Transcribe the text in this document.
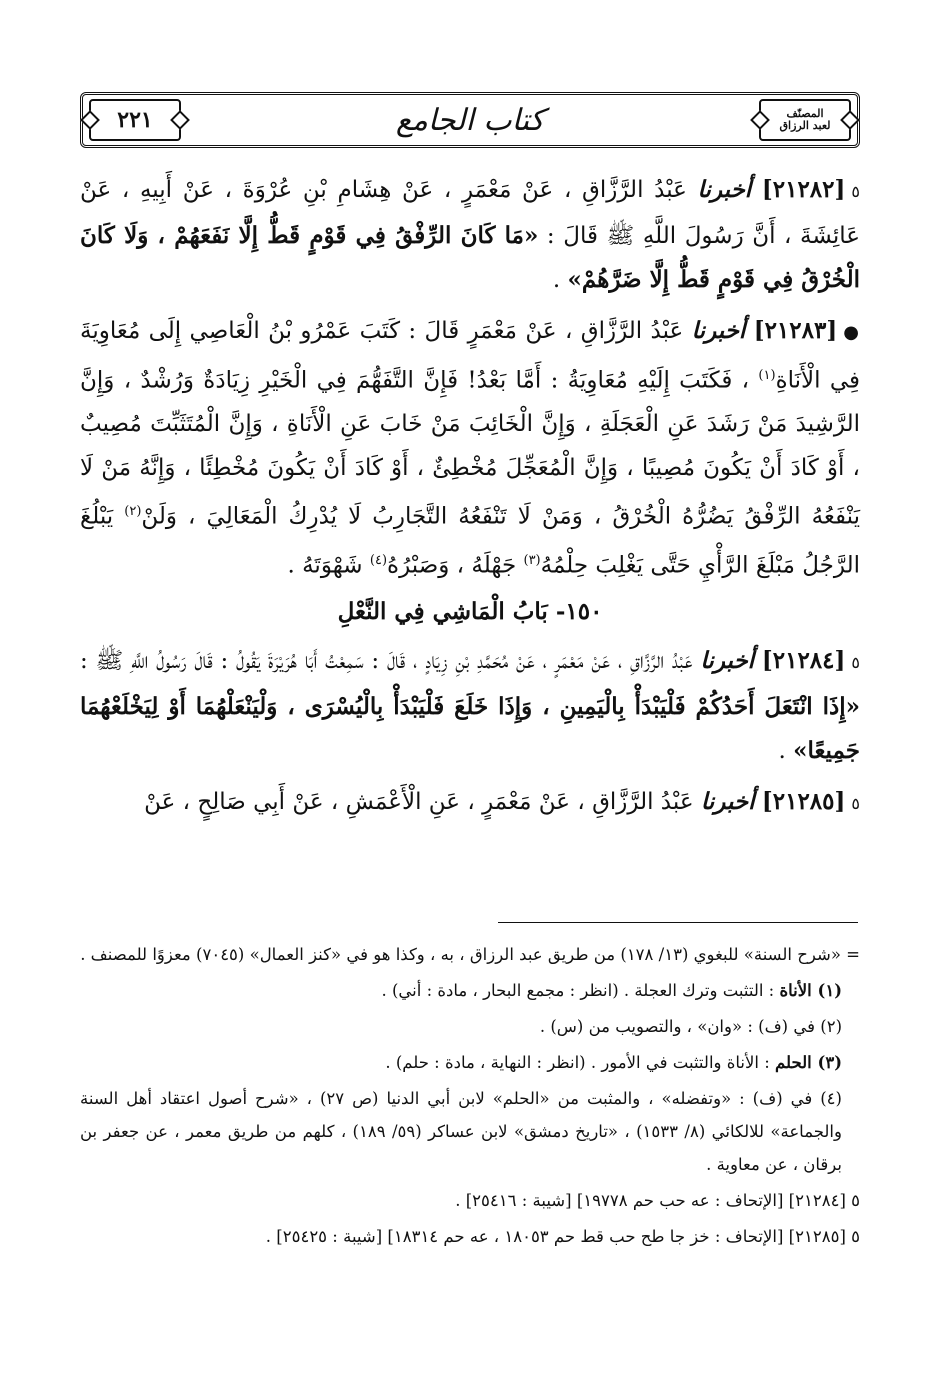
٢٢١	كتاب الجامع	المصنّف
لعبد الرزاق

٥[٢١٢٨٢] أخبرنا عَبْدُ الرَّزَّاقِ ، عَنْ مَعْمَرٍ ، عَنْ هِشَامِ بْنِ عُرْوَةَ ، عَنْ أَبِيهِ ، عَنْ عَائِشَةَ ، أَنَّ رَسُولَ اللَّهِ ﷺ قَالَ : «مَا كَانَ الرِّفْقُ فِي قَوْمٍ قَطُّ إِلَّا نَفَعَهُمْ ، وَلَا كَانَ الْخُرْقُ فِي قَوْمٍ قَطُّ إِلَّا ضَرَّهُمْ» .

●[٢١٢٨٣] أخبرنا عَبْدُ الرَّزَّاقِ ، عَنْ مَعْمَرٍ قَالَ : كَتَبَ عَمْرُو بْنُ الْعَاصِي إِلَى مُعَاوِيَةَ فِي الْأَنَاةِ$^{(١)}$ ، فَكَتَبَ إِلَيْهِ مُعَاوِيَةُ : أَمَّا بَعْدُ! فَإِنَّ التَّفَهُّمَ فِي الْخَيْرِ زِيَادَةٌ وَرُشْدٌ ، وَإِنَّ الرَّشِيدَ مَنْ رَشَدَ عَنِ الْعَجَلَةِ ، وَإِنَّ الْخَائِبَ مَنْ خَابَ عَنِ الْأَنَاةِ ، وَإِنَّ الْمُتَثَبِّتَ مُصِيبٌ ، أَوْ كَادَ أَنْ يَكُونَ مُصِيبًا ، وَإِنَّ الْمُعَجِّلَ مُخْطِئٌ ، أَوْ كَادَ أَنْ يَكُونَ مُخْطِئًا ، وَإِنَّهُ مَنْ لَا يَنْفَعُهُ الرِّفْقُ يَضُرُّهُ الْخُرْقُ ، وَمَنْ لَا تَنْفَعُهُ التَّجَارِبُ لَا يُدْرِكُ الْمَعَالِيَ ، وَلَنْ$^{(٢)}$ يَبْلُغَ الرَّجُلُ مَبْلَغَ الرَّأْيِ حَتَّى يَغْلِبَ حِلْمُهُ$^{(٣)}$ جَهْلَهُ ، وَصَبْرُهُ$^{(٤)}$ شَهْوَتَهُ .

١٥٠- بَابُ الْمَاشِي فِي النَّعْلِ

٥[٢١٢٨٤] أخبرنا عَبْدُ الرَّزَّاقِ ، عَنْ مَعْمَرٍ ، عَنْ مُحَمَّدِ بْنِ زِيَادٍ ، قَالَ : سَمِعْتُ أَبَا هُرَيْرَةَ يَقُولُ : قَالَ رَسُولُ اللَّهِ ﷺ : «إِذَا انْتَعَلَ أَحَدُكُمْ فَلْيَبْدَأْ بِالْيَمِينِ ، وَإِذَا خَلَعَ فَلْيَبْدَأْ بِالْيُسْرَى ، وَلْيَنْعَلْهُمَا أَوْ لِيَخْلَعْهُمَا جَمِيعًا» .

٥[٢١٢٨٥] أخبرنا عَبْدُ الرَّزَّاقِ ، عَنْ مَعْمَرٍ ، عَنِ الْأَعْمَشِ ، عَنْ أَبِي صَالِحٍ ، عَنْ

= «شرح السنة» للبغوي (١٣/ ١٧٨) من طريق عبد الرزاق ، به ، وكذا هو في «كنز العمال» (٧٠٤٥) معزوًا للمصنف .

(١) الأناة : التثبت وترك العجلة . (انظر : مجمع البحار ، مادة : أني) .

(٢) في (ف) : «وان» ، والتصويب من (س) .

(٣) الحلم : الأناة والتثبت في الأمور . (انظر : النهاية ، مادة : حلم) .

(٤) في (ف) : «وتفضله» ، والمثبت من «الحلم» لابن أبي الدنيا (ص ٢٧) ، «شرح أصول اعتقاد أهل السنة والجماعة» للالكائي (٨/ ١٥٣٣) ، «تاريخ دمشق» لابن عساكر (٥٩/ ١٨٩) ، كلهم من طريق معمر ، عن جعفر بن برقان ، عن معاوية .

٥ [٢١٢٨٤] [الإتحاف : عه حب حم ١٩٧٧٨] [شيبة : ٢٥٤١٦] .

٥ [٢١٢٨٥] [الإتحاف : خز جا طح حب قط حم ١٨٠٥٣ ، عه حم ١٨٣١٤] [شيبة : ٢٥٤٢٥] .
